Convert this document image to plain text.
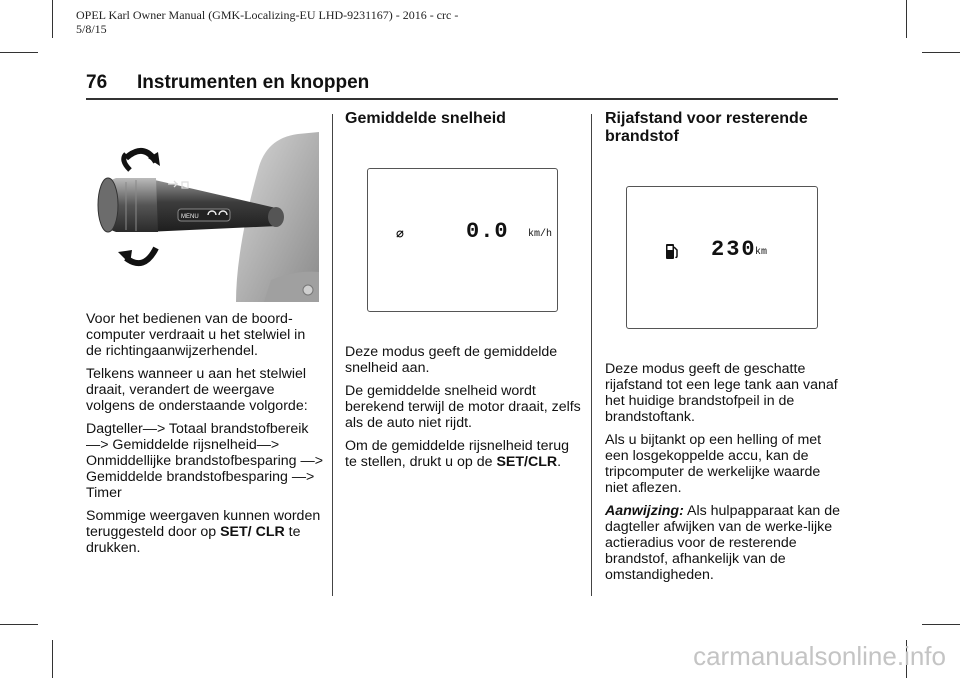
OPEL Karl Owner Manual (GMK-Localizing-EU LHD-9231167) - 2016 - crc -
5/8/15
76 Instrumenten en knoppen
MENU

Voor het bedienen van de boord-computer verdraait u het stelwiel in de richtingaanwijzerhendel.

Telkens wanneer u aan het stelwiel draait, verandert de weergave volgens de onderstaande volgorde:

Dagteller—> Totaal brandstofbereik —> Gemiddelde rijsnelheid—> Onmiddellijke brandstofbesparing —> Gemiddelde brandstofbesparing —> Timer

Sommige weergaven kunnen worden teruggesteld door op SET/ CLR te drukken.

Gemiddelde snelheid
⌀	0.0 km/h

Deze modus geeft de gemiddelde snelheid aan.

De gemiddelde snelheid wordt berekend terwijl de motor draait, zelfs als de auto niet rijdt.

Om de gemiddelde rijsnelheid terug te stellen, drukt u op de SET/CLR.

Rijafstand voor resterende brandstof
230
km

Deze modus geeft de geschatte rijafstand tot een lege tank aan vanaf het huidige brandstofpeil in de brandstoftank.

Als u bijtankt op een helling of met een losgekoppelde accu, kan de tripcomputer de werkelijke waarde niet aflezen.

Aanwijzing: Als hulpapparaat kan de dagteller afwijken van de werke-lijke actieradius voor de resterende brandstof, afhankelijk van de omstandigheden.

carmanualsonline.info
